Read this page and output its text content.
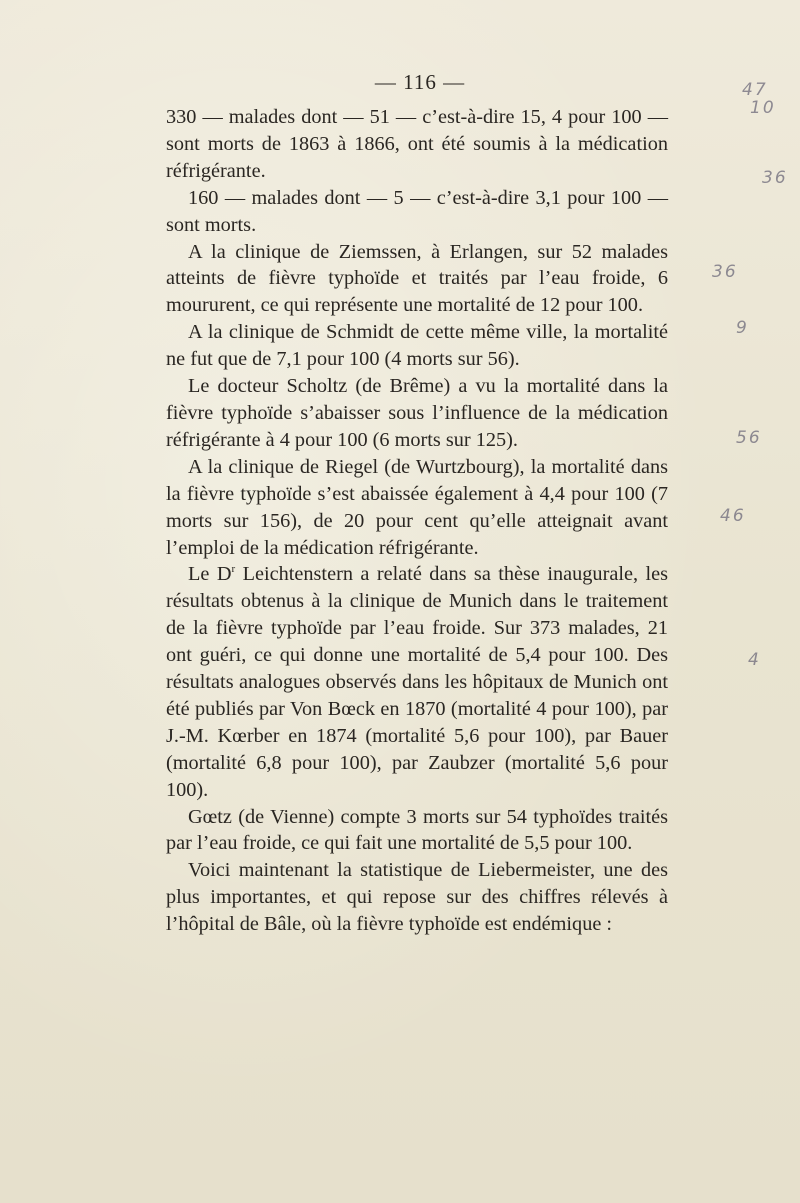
— 116 —

330 — malades dont — 51 — c’est-à-dire 15, 4 pour 100 — sont morts de 1863 à 1866, ont été soumis à la médication réfrigérante.

160 — malades dont — 5 — c’est-à-dire 3,1 pour 100 — sont morts.

A la clinique de Ziemssen, à Erlangen, sur 52 malades atteints de fièvre typhoïde et traités par l’eau froide, 6 moururent, ce qui représente une mortalité de 12 pour 100.

A la clinique de Schmidt de cette même ville, la mortalité ne fut que de 7,1 pour 100 (4 morts sur 56).

Le docteur Scholtz (de Brême) a vu la mortalité dans la fièvre typhoïde s’abaisser sous l’influence de la médication réfrigérante à 4 pour 100 (6 morts sur 125).

A la clinique de Riegel (de Wurtzbourg), la mortalité dans la fièvre typhoïde s’est abaissée également à 4,4 pour 100 (7 morts sur 156), de 20 pour cent qu’elle atteignait avant l’emploi de la médication réfrigérante.

Le $D^r$ Leichtenstern a relaté dans sa thèse inaugurale, les résultats obtenus à la clinique de Munich dans le traitement de la fièvre typhoïde par l’eau froide. Sur 373 malades, 21 ont guéri, ce qui donne une mortalité de 5,4 pour 100. Des résultats analogues observés dans les hôpitaux de Munich ont été publiés par Von Bœck en 1870 (mortalité 4 pour 100), par J.-M. Kœrber en 1874 (mortalité 5,6 pour 100), par Bauer (mortalité 6,8 pour 100), par Zaubzer (mortalité 5,6 pour 100).

Gœtz (de Vienne) compte 3 morts sur 54 typhoïdes traités par l’eau froide, ce qui fait une mortalité de 5,5 pour 100.

Voici maintenant la statistique de Liebermeister, une des plus importantes, et qui repose sur des chiffres rélevés à l’hôpital de Bâle, où la fièvre typhoïde est endémique :

47
10
36
36
9
56
46
4
